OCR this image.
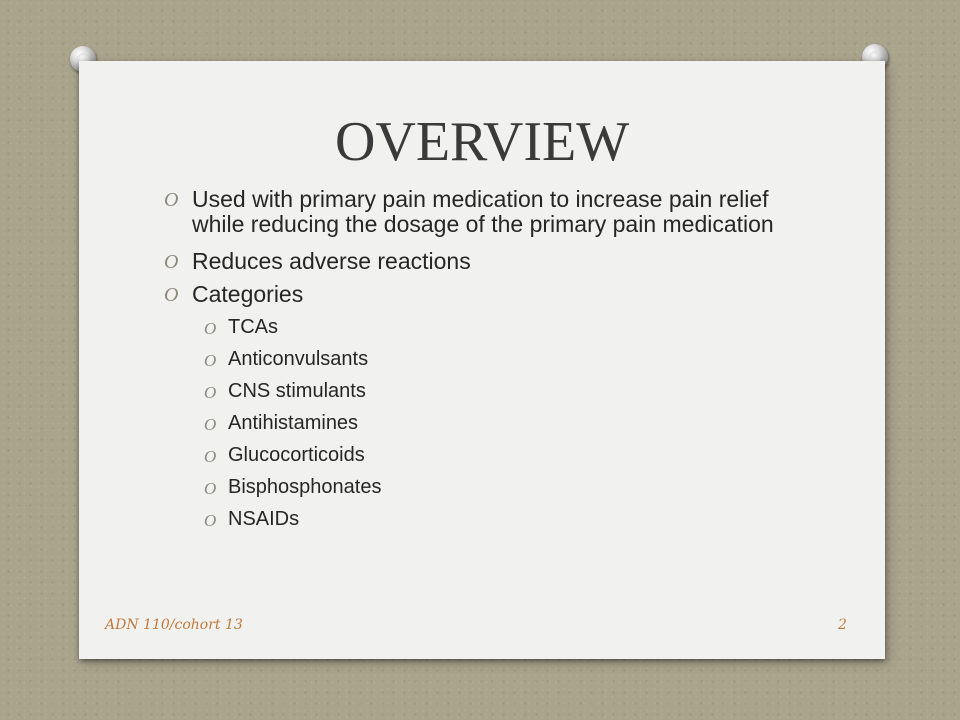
OVERVIEW
O Used with primary pain medication to increase pain relief while reducing the dosage of the primary pain medication
O Reduces adverse reactions
O Categories
O TCAs
O Anticonvulsants
O CNS stimulants
O Antihistamines
O Glucocorticoids
O Bisphosphonates
O NSAIDs
ADN 110/cohort 13	2
